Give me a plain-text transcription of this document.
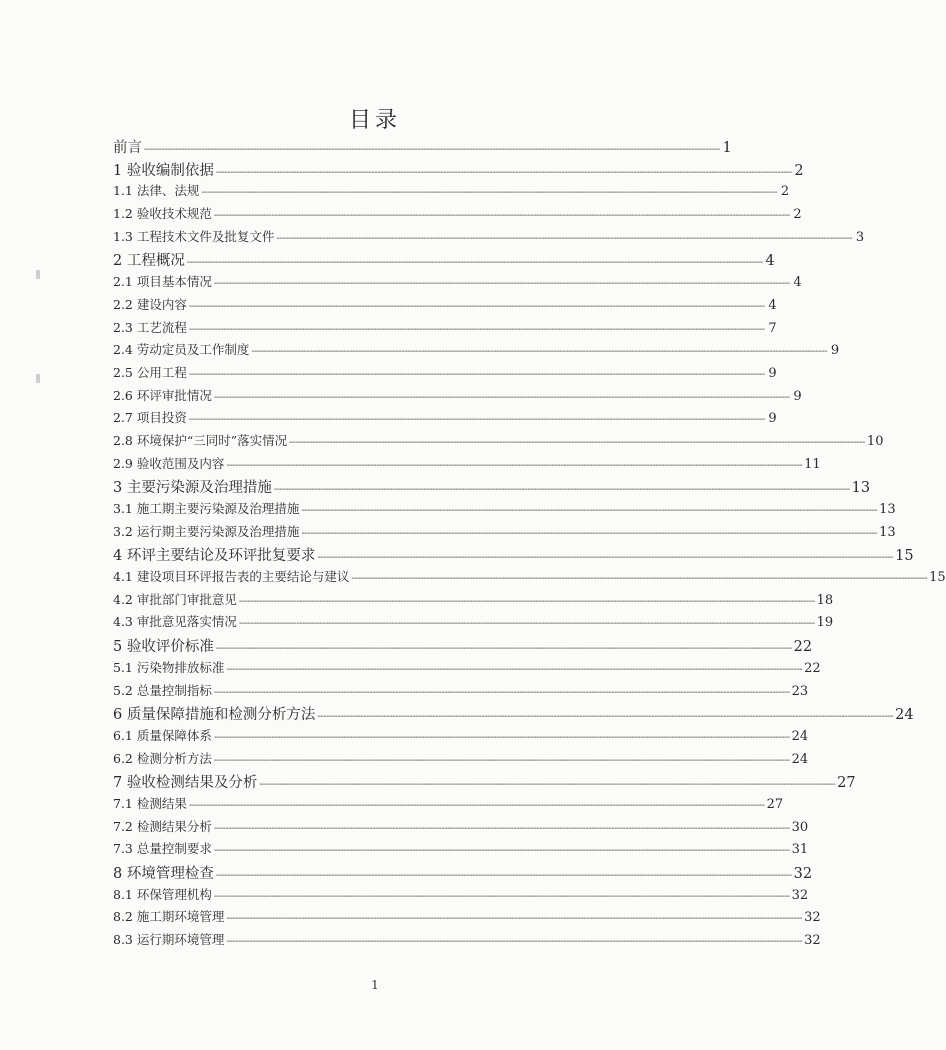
目录
前言 -------------------------------------------------------------------------------------------------------------------------------------------------------------------------------------------------------- 1
1 验收编制依据 -------------------------------------------------------------------------------------------------------------------------------------------------------------------------------------------------------- 2
1.1 法律、法规 -------------------------------------------------------------------------------------------------------------------------------------------------------------------------------------------------------- 2
1.2 验收技术规范 -------------------------------------------------------------------------------------------------------------------------------------------------------------------------------------------------------- 2
1.3 工程技术文件及批复文件 -------------------------------------------------------------------------------------------------------------------------------------------------------------------------------------------------------- 3
2 工程概况 -------------------------------------------------------------------------------------------------------------------------------------------------------------------------------------------------------- 4
2.1 项目基本情况 -------------------------------------------------------------------------------------------------------------------------------------------------------------------------------------------------------- 4
2.2 建设内容 -------------------------------------------------------------------------------------------------------------------------------------------------------------------------------------------------------- 4
2.3 工艺流程 -------------------------------------------------------------------------------------------------------------------------------------------------------------------------------------------------------- 7
2.4 劳动定员及工作制度 -------------------------------------------------------------------------------------------------------------------------------------------------------------------------------------------------------- 9
2.5 公用工程 -------------------------------------------------------------------------------------------------------------------------------------------------------------------------------------------------------- 9
2.6 环评审批情况 -------------------------------------------------------------------------------------------------------------------------------------------------------------------------------------------------------- 9
2.7 项目投资 -------------------------------------------------------------------------------------------------------------------------------------------------------------------------------------------------------- 9
2.8 环境保护“三同时”落实情况 -------------------------------------------------------------------------------------------------------------------------------------------------------------------------------------------------------- 10
2.9 验收范围及内容 -------------------------------------------------------------------------------------------------------------------------------------------------------------------------------------------------------- 11
3 主要污染源及治理措施 -------------------------------------------------------------------------------------------------------------------------------------------------------------------------------------------------------- 13
3.1 施工期主要污染源及治理措施 -------------------------------------------------------------------------------------------------------------------------------------------------------------------------------------------------------- 13
3.2 运行期主要污染源及治理措施 -------------------------------------------------------------------------------------------------------------------------------------------------------------------------------------------------------- 13
4 环评主要结论及环评批复要求 -------------------------------------------------------------------------------------------------------------------------------------------------------------------------------------------------------- 15
4.1 建设项目环评报告表的主要结论与建议 -------------------------------------------------------------------------------------------------------------------------------------------------------------------------------------------------------- 15
4.2 审批部门审批意见 -------------------------------------------------------------------------------------------------------------------------------------------------------------------------------------------------------- 18
4.3 审批意见落实情况 -------------------------------------------------------------------------------------------------------------------------------------------------------------------------------------------------------- 19
5 验收评价标准 -------------------------------------------------------------------------------------------------------------------------------------------------------------------------------------------------------- 22
5.1 污染物排放标准 -------------------------------------------------------------------------------------------------------------------------------------------------------------------------------------------------------- 22
5.2 总量控制指标 -------------------------------------------------------------------------------------------------------------------------------------------------------------------------------------------------------- 23
6 质量保障措施和检测分析方法 -------------------------------------------------------------------------------------------------------------------------------------------------------------------------------------------------------- 24
6.1 质量保障体系 -------------------------------------------------------------------------------------------------------------------------------------------------------------------------------------------------------- 24
6.2 检测分析方法 -------------------------------------------------------------------------------------------------------------------------------------------------------------------------------------------------------- 24
7 验收检测结果及分析 -------------------------------------------------------------------------------------------------------------------------------------------------------------------------------------------------------- 27
7.1 检测结果 -------------------------------------------------------------------------------------------------------------------------------------------------------------------------------------------------------- 27
7.2 检测结果分析 -------------------------------------------------------------------------------------------------------------------------------------------------------------------------------------------------------- 30
7.3 总量控制要求 -------------------------------------------------------------------------------------------------------------------------------------------------------------------------------------------------------- 31
8 环境管理检查 -------------------------------------------------------------------------------------------------------------------------------------------------------------------------------------------------------- 32
8.1 环保管理机构 -------------------------------------------------------------------------------------------------------------------------------------------------------------------------------------------------------- 32
8.2 施工期环境管理 -------------------------------------------------------------------------------------------------------------------------------------------------------------------------------------------------------- 32
8.3 运行期环境管理 -------------------------------------------------------------------------------------------------------------------------------------------------------------------------------------------------------- 32
1
